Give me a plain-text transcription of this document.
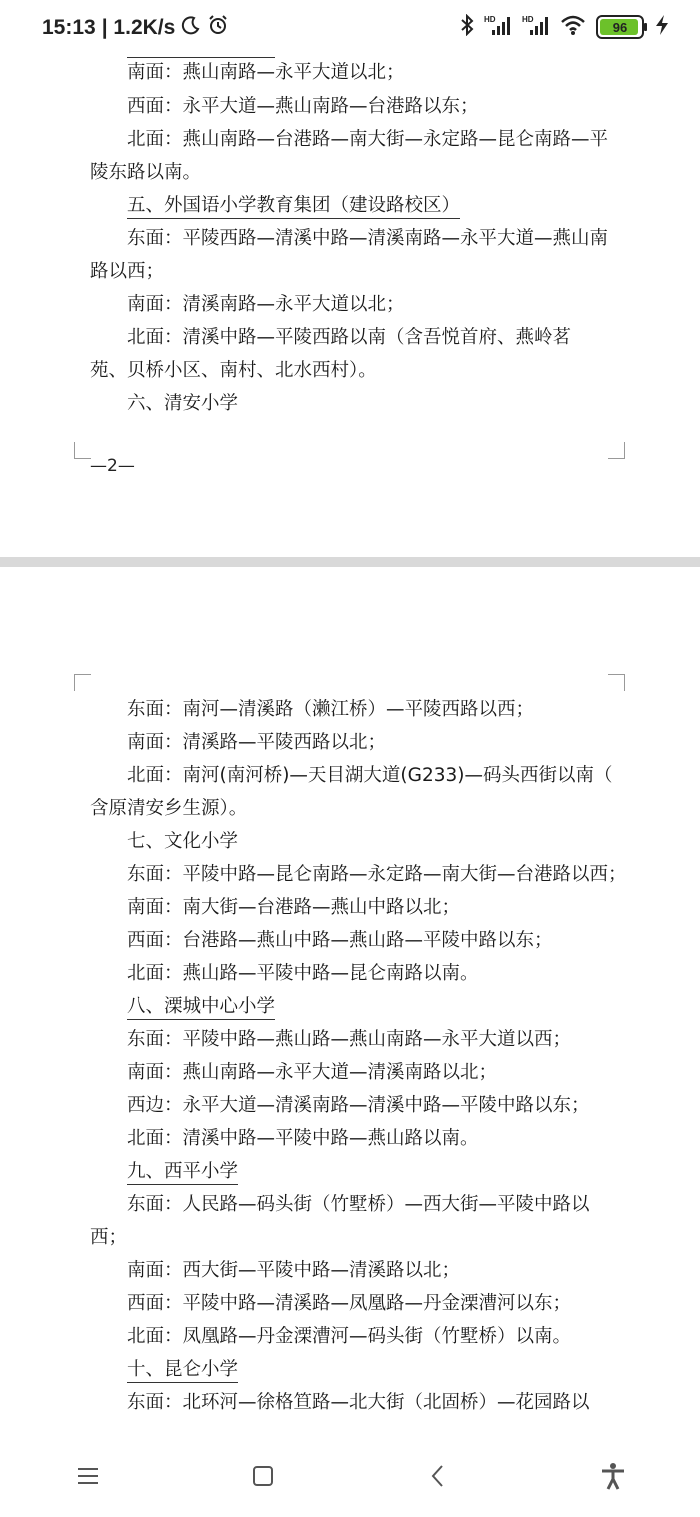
15:13 | 1.2K/s	HD	HD	96
南面：燕山南路—永平大道以北；
西面：永平大道—燕山南路—台港路以东；
北面：燕山南路—台港路—南大街—永定路—昆仑南路—平
陵东路以南。
五、外国语小学教育集团（建设路校区）
东面：平陵西路—清溪中路—清溪南路—永平大道—燕山南
路以西；
南面：清溪南路—永平大道以北；
北面：清溪中路—平陵西路以南（含吾悦首府、燕岭茗
苑、贝桥小区、南村、北水西村）。
六、清安小学
—2—
东面：南河—清溪路（濑江桥）—平陵西路以西；
南面：清溪路—平陵西路以北；
北面：南河(南河桥)—天目湖大道(G233)—码头西街以南（
含原清安乡生源）。
七、文化小学
东面：平陵中路—昆仑南路—永定路—南大街—台港路以西；
南面：南大街—台港路—燕山中路以北；
西面：台港路—燕山中路—燕山路—平陵中路以东；
北面：燕山路—平陵中路—昆仑南路以南。
八、溧城中心小学
东面：平陵中路—燕山路—燕山南路—永平大道以西；
南面：燕山南路—永平大道—清溪南路以北；
西边：永平大道—清溪南路—清溪中路—平陵中路以东；
北面：清溪中路—平陵中路—燕山路以南。
九、西平小学
东面：人民路—码头街（竹墅桥）—西大街—平陵中路以
西；
南面：西大街—平陵中路—清溪路以北；
西面：平陵中路—清溪路—凤凰路—丹金溧漕河以东；
北面：凤凰路—丹金溧漕河—码头街（竹墅桥）以南。
十、昆仑小学
东面：北环河—徐格笪路—北大街（北固桥）—花园路以
